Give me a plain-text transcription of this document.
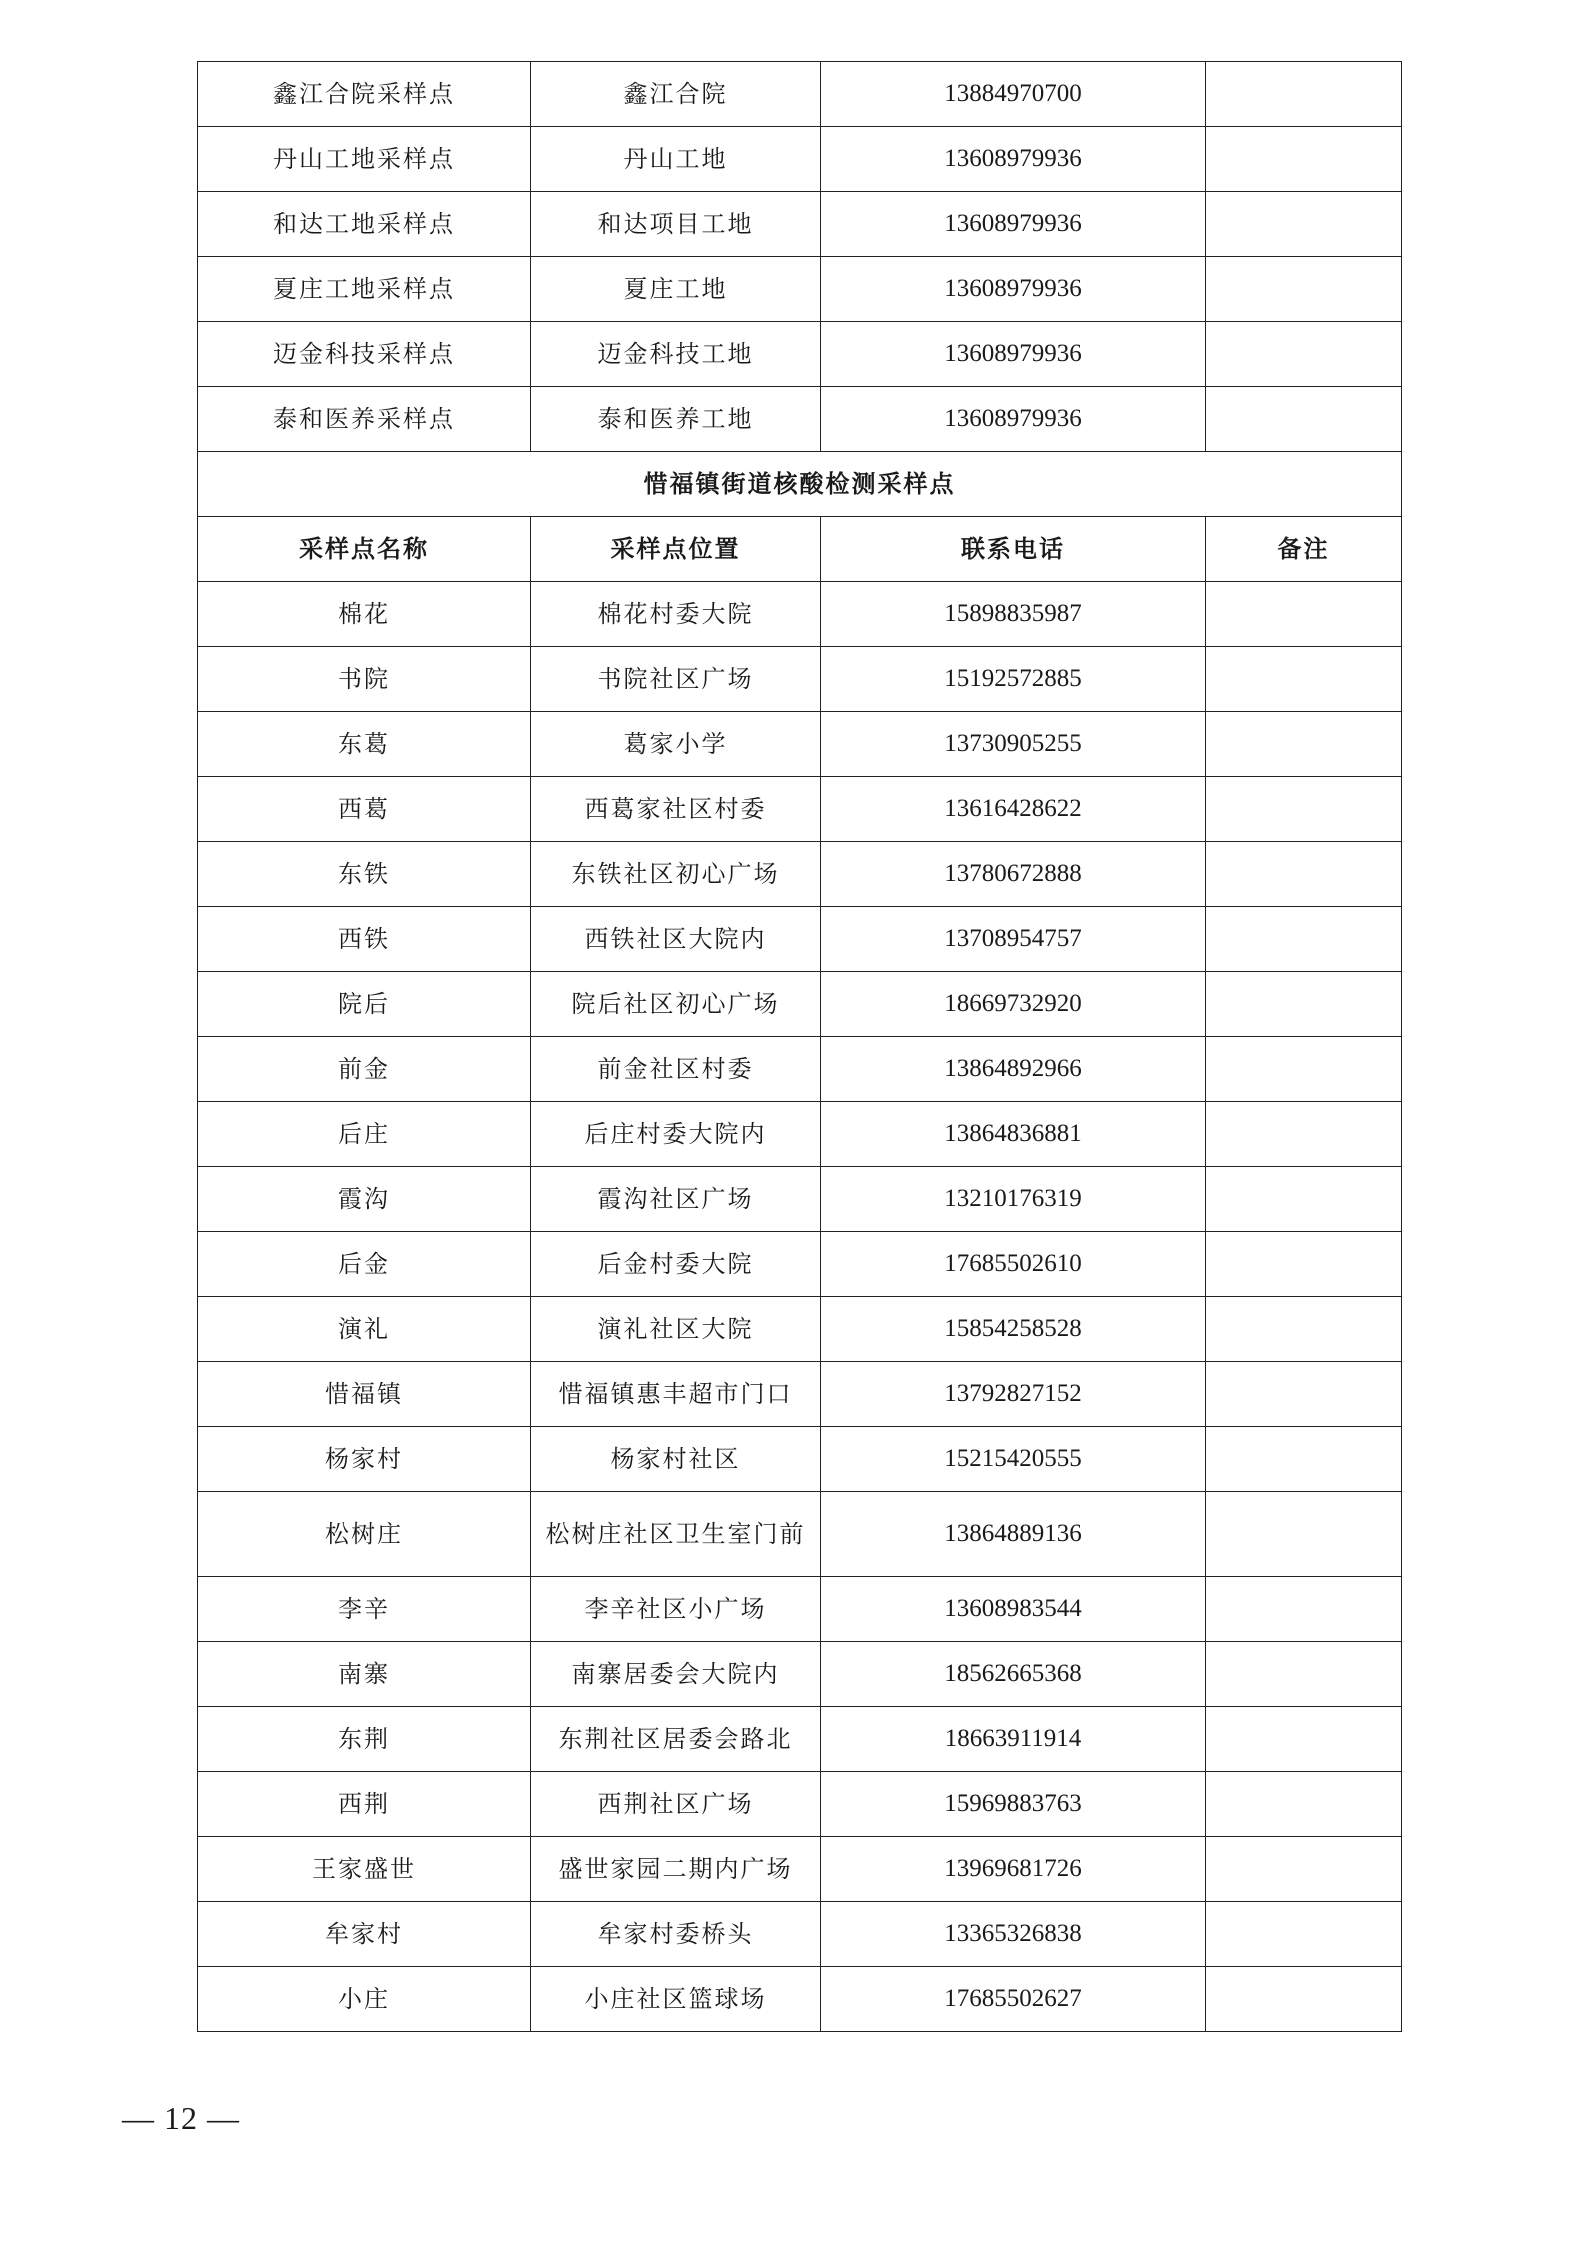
鑫江合院采样点	鑫江合院	13884970700	
丹山工地采样点	丹山工地	13608979936	
和达工地采样点	和达项目工地	13608979936	
夏庄工地采样点	夏庄工地	13608979936	
迈金科技采样点	迈金科技工地	13608979936	
泰和医养采样点	泰和医养工地	13608979936	
惜福镇街道核酸检测采样点			
采样点名称	采样点位置	联系电话	备注
棉花	棉花村委大院	15898835987	
书院	书院社区广场	15192572885	
东葛	葛家小学	13730905255	
西葛	西葛家社区村委	13616428622	
东铁	东铁社区初心广场	13780672888	
西铁	西铁社区大院内	13708954757	
院后	院后社区初心广场	18669732920	
前金	前金社区村委	13864892966	
后庄	后庄村委大院内	13864836881	
霞沟	霞沟社区广场	13210176319	
后金	后金村委大院	17685502610	
演礼	演礼社区大院	15854258528	
惜福镇	惜福镇惠丰超市门口	13792827152	
杨家村	杨家村社区	15215420555	
松树庄	松树庄社区卫生室门前	13864889136	
李辛	李辛社区小广场	13608983544	
南寨	南寨居委会大院内	18562665368	
东荆	东荆社区居委会路北	18663911914	
西荆	西荆社区广场	15969883763	
王家盛世	盛世家园二期内广场	13969681726	
牟家村	牟家村委桥头	13365326838	
小庄	小庄社区篮球场	17685502627	
— 12 —
